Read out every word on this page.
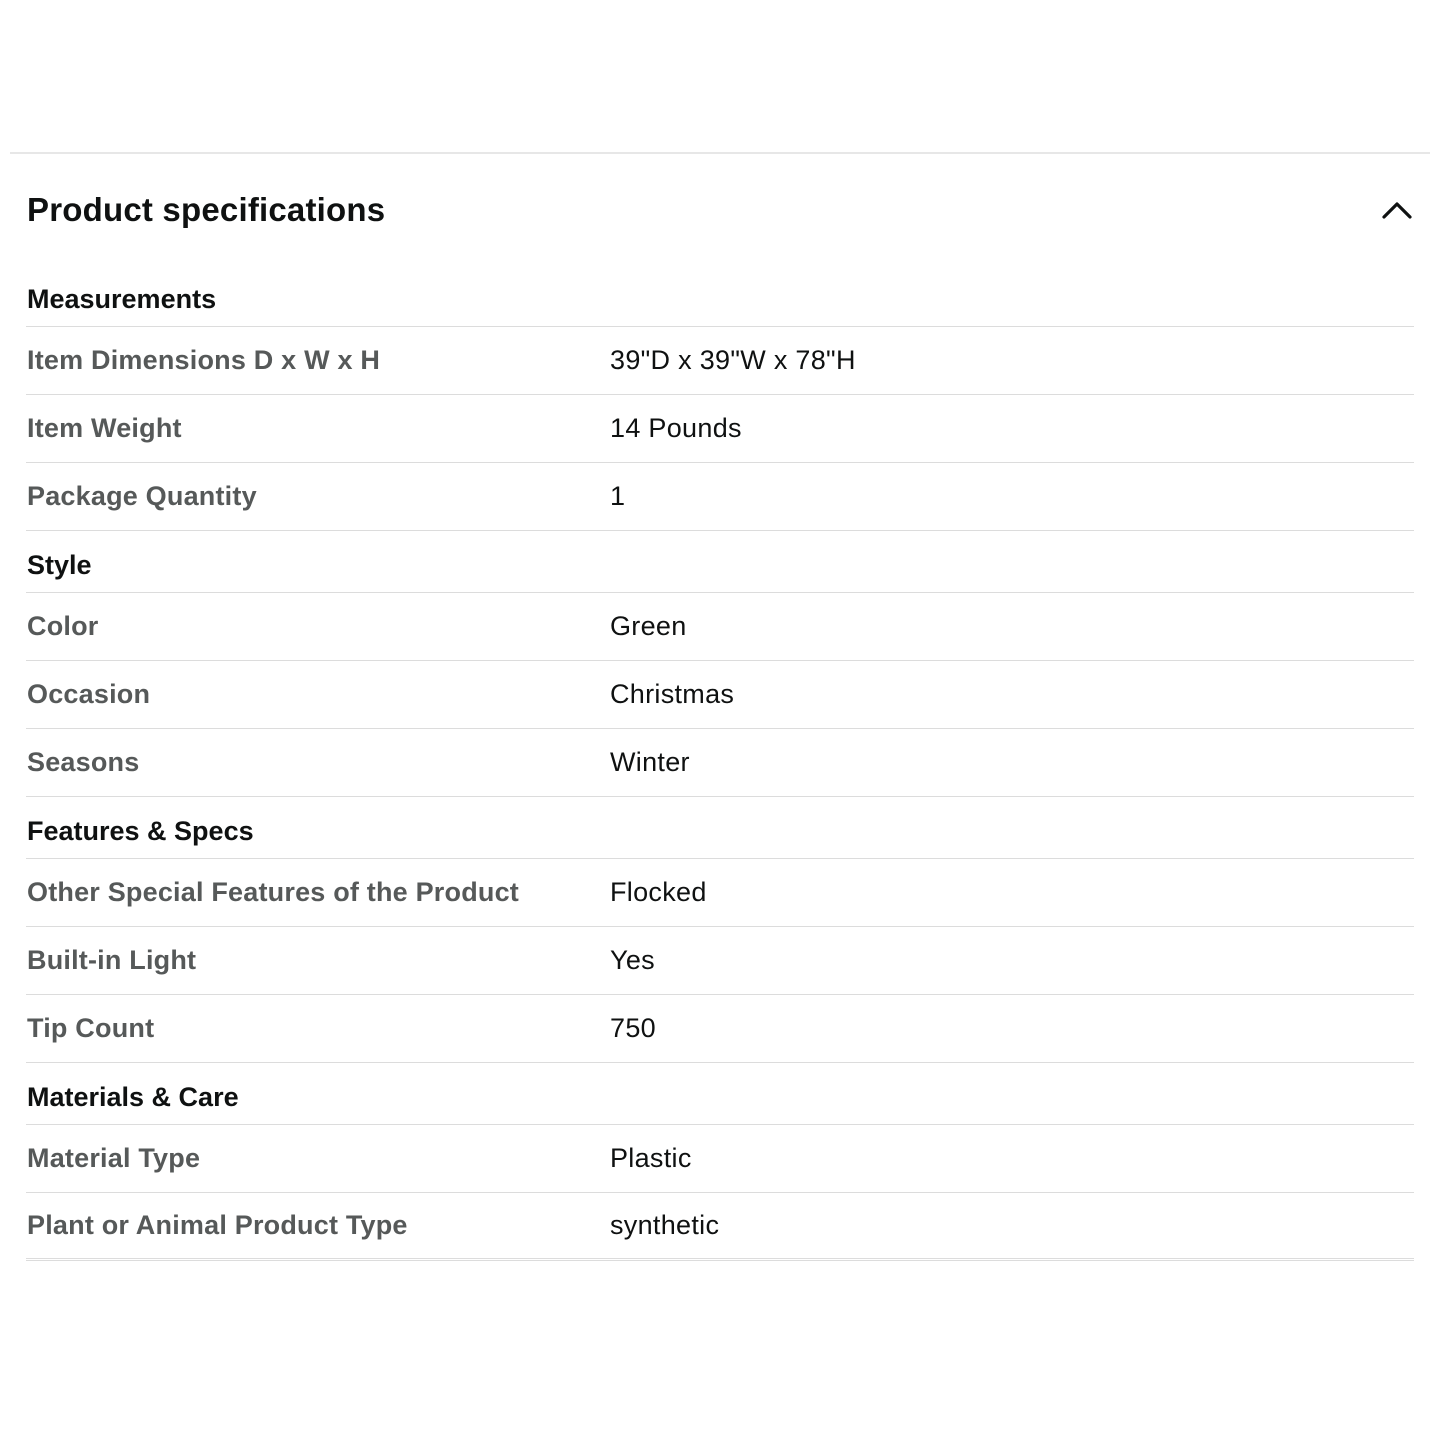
Product specifications
Measurements
Item Dimensions D x W x H	39"D x 39"W x 78"H
Item Weight	14 Pounds
Package Quantity	1
Style
Color	Green
Occasion	Christmas
Seasons	Winter
Features & Specs
Other Special Features of the Product	Flocked
Built-in Light	Yes
Tip Count	750
Materials & Care
Material Type	Plastic
Plant or Animal Product Type	synthetic
